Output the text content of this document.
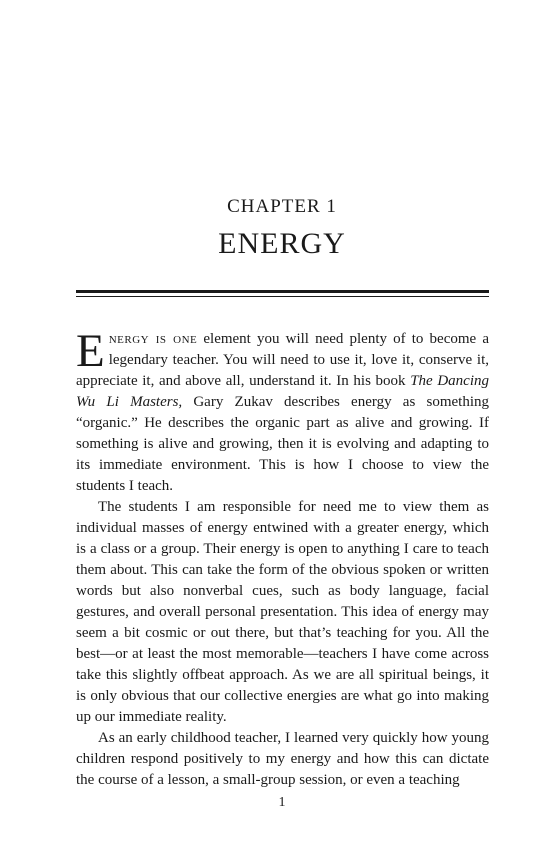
CHAPTER 1
ENERGY

Energy is one element you will need plenty of to become a legendary teacher. You will need to use it, love it, conserve it, appreciate it, and above all, understand it. In his book The Dancing Wu Li Masters, Gary Zukav describes energy as something “organic.” He describes the organic part as alive and growing. If something is alive and growing, then it is evolving and adapting to its immediate environment. This is how I choose to view the students I teach.

The students I am responsible for need me to view them as individual masses of energy entwined with a greater energy, which is a class or a group. Their energy is open to anything I care to teach them about. This can take the form of the obvious spoken or written words but also nonverbal cues, such as body language, facial gestures, and overall personal presentation. This idea of energy may seem a bit cosmic or out there, but that’s teaching for you. All the best—or at least the most memorable—teachers I have come across take this slightly offbeat approach. As we are all spiritual beings, it is only obvious that our collective energies are what go into making up our immediate reality.

As an early childhood teacher, I learned very quickly how young children respond positively to my energy and how this can dictate the course of a lesson, a small-group session, or even a teaching

1
